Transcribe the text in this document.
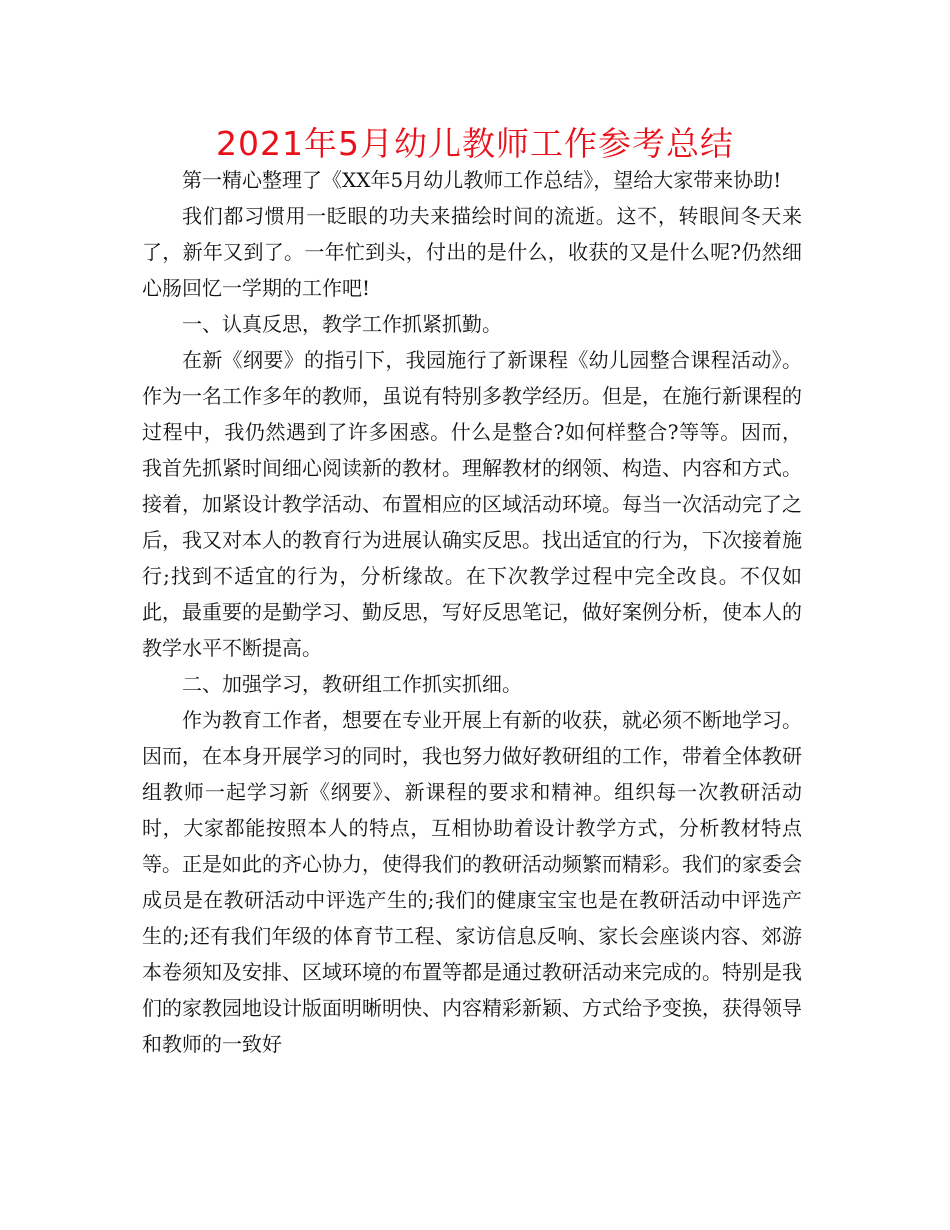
2021年5月幼儿教师工作参考总结

第一精心整理了《XX年5月幼儿教师工作总结》，望给大家带来协助!

我们都习惯用一眨眼的功夫来描绘时间的流逝。这不，转眼间冬天来了，新年又到了。一年忙到头，付出的是什么，收获的又是什么呢?仍然细心肠回忆一学期的工作吧!

一、认真反思，教学工作抓紧抓勤。

在新《纲要》的指引下，我园施行了新课程《幼儿园整合课程活动》。作为一名工作多年的教师，虽说有特别多教学经历。但是，在施行新课程的过程中，我仍然遇到了许多困惑。什么是整合?如何样整合?等等。因而，我首先抓紧时间细心阅读新的教材。理解教材的纲领、构造、内容和方式。接着，加紧设计教学活动、布置相应的区域活动环境。每当一次活动完了之后，我又对本人的教育行为进展认确实反思。找出适宜的行为，下次接着施行;找到不适宜的行为，分析缘故。在下次教学过程中完全改良。不仅如此，最重要的是勤学习、勤反思，写好反思笔记，做好案例分析，使本人的教学水平不断提高。

二、加强学习，教研组工作抓实抓细。

作为教育工作者，想要在专业开展上有新的收获，就必须不断地学习。因而，在本身开展学习的同时，我也努力做好教研组的工作，带着全体教研组教师一起学习新《纲要》、新课程的要求和精神。组织每一次教研活动时，大家都能按照本人的特点，互相协助着设计教学方式，分析教材特点等。正是如此的齐心协力，使得我们的教研活动频繁而精彩。我们的家委会成员是在教研活动中评选产生的;我们的健康宝宝也是在教研活动中评选产生的;还有我们年级的体育节工程、家访信息反响、家长会座谈内容、郊游本卷须知及安排、区域环境的布置等都是通过教研活动来完成的。特别是我们的家教园地设计版面明晰明快、内容精彩新颖、方式给予变换，获得领导和教师的一致好
